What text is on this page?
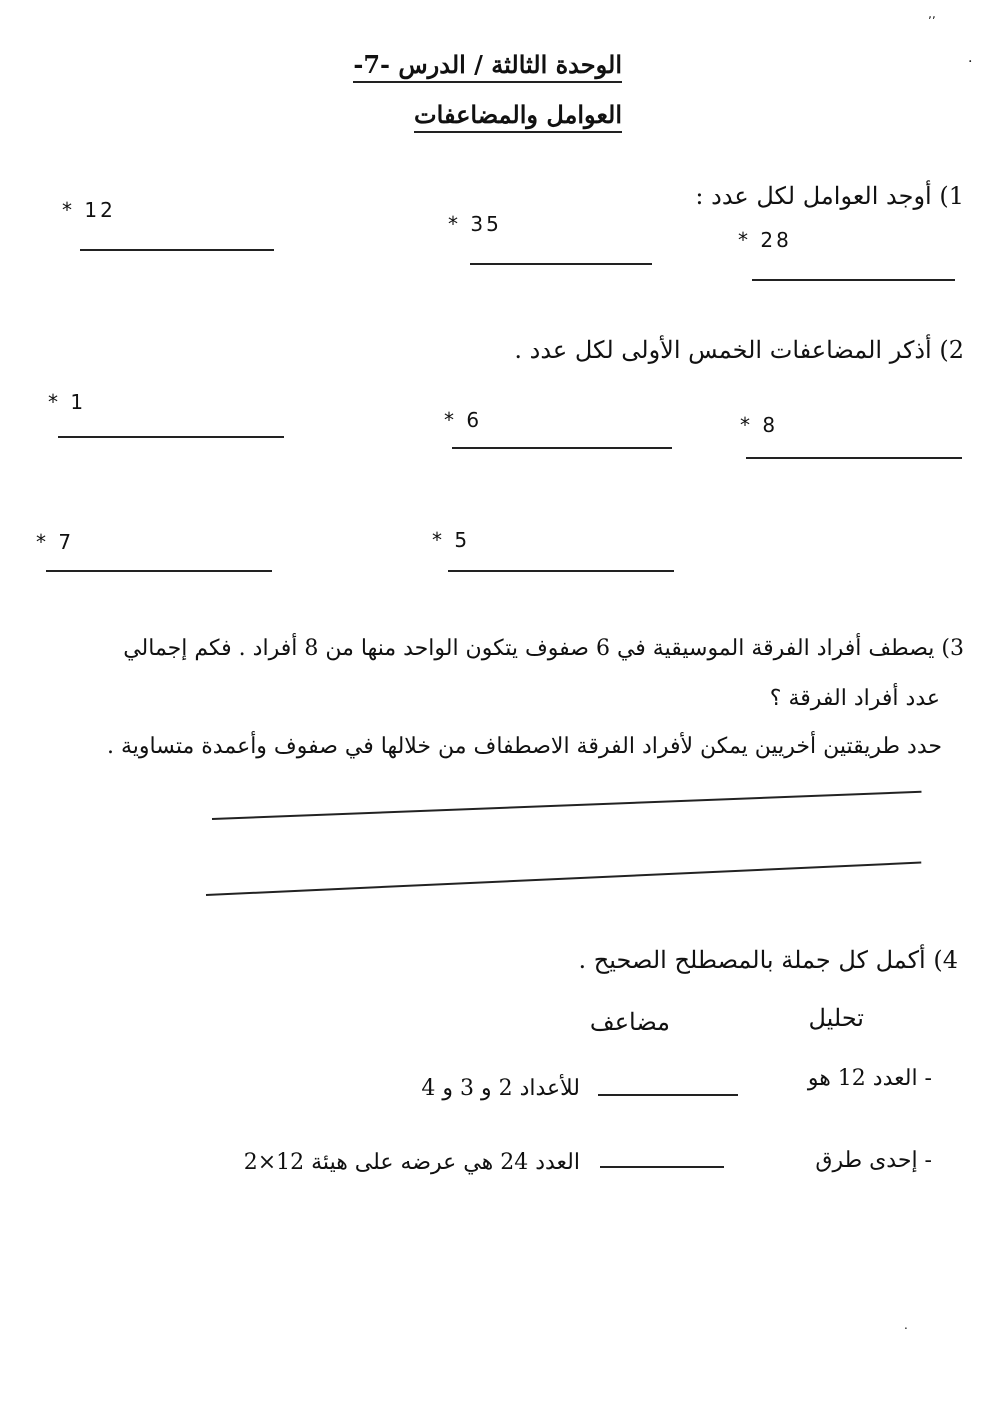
٬٬
.
الوحدة الثالثة / الدرس -7-
العوامل والمضاعفات
1) أوجد العوامل لكل عدد :
* 28
* 35
* 12
2) أذكر المضاعفات الخمس الأولى لكل عدد .
* 8
* 6
* 1
* 5
* 7
3) يصطف أفراد الفرقة الموسيقية في 6 صفوف يتكون الواحد منها من 8 أفراد . فكم إجمالي
عدد أفراد الفرقة ؟
حدد طريقتين أخريين يمكن لأفراد الفرقة الاصطفاف من خلالها في صفوف وأعمدة متساوية .
4) أكمل كل جملة بالمصطلح الصحيح .
تحليل
مضاعف
- العدد 12 هو
للأعداد 2 و 3 و 4
- إحدى طرق
العدد 24 هي عرضه على هيئة 12×2
.
